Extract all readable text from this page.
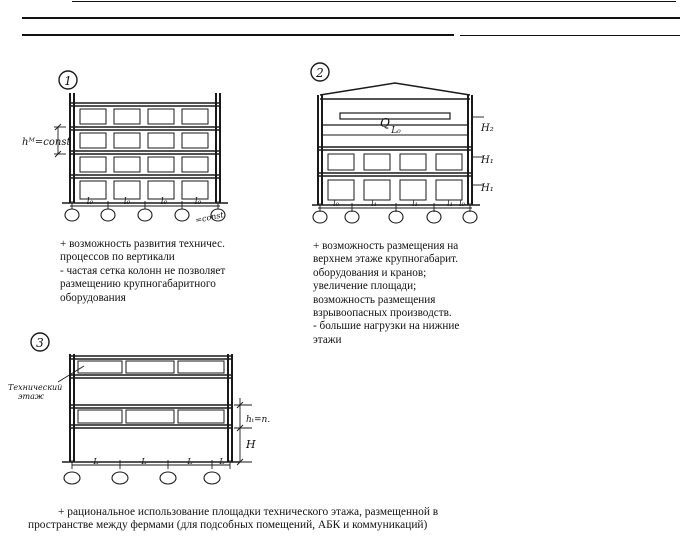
1
hᴹ=const
l₀	l₀	l₀	l₀
=const
+ возможность развития техничес.
процессов по вертикали
- частая сетка колонн не позволяет
размещению крупногабаритного
оборудования
2
Q
L₀	H₂
H₁
H₁
l₀	l₁	l₁	l₁ l₀
+ возможность размещения на
верхнем этаже крупногабарит.
оборудования и кранов;
увеличение площади;
возможность размещения
взрывоопасных производств.
- большие нагрузки на нижние
этажи
3
Технический
этаж
hₜ=п.
H
L	L	L	L
+ рациональное использование площадки технического этажа, размещенной в
пространстве между фермами (для подсобных помещений, АБК и коммуникаций)
